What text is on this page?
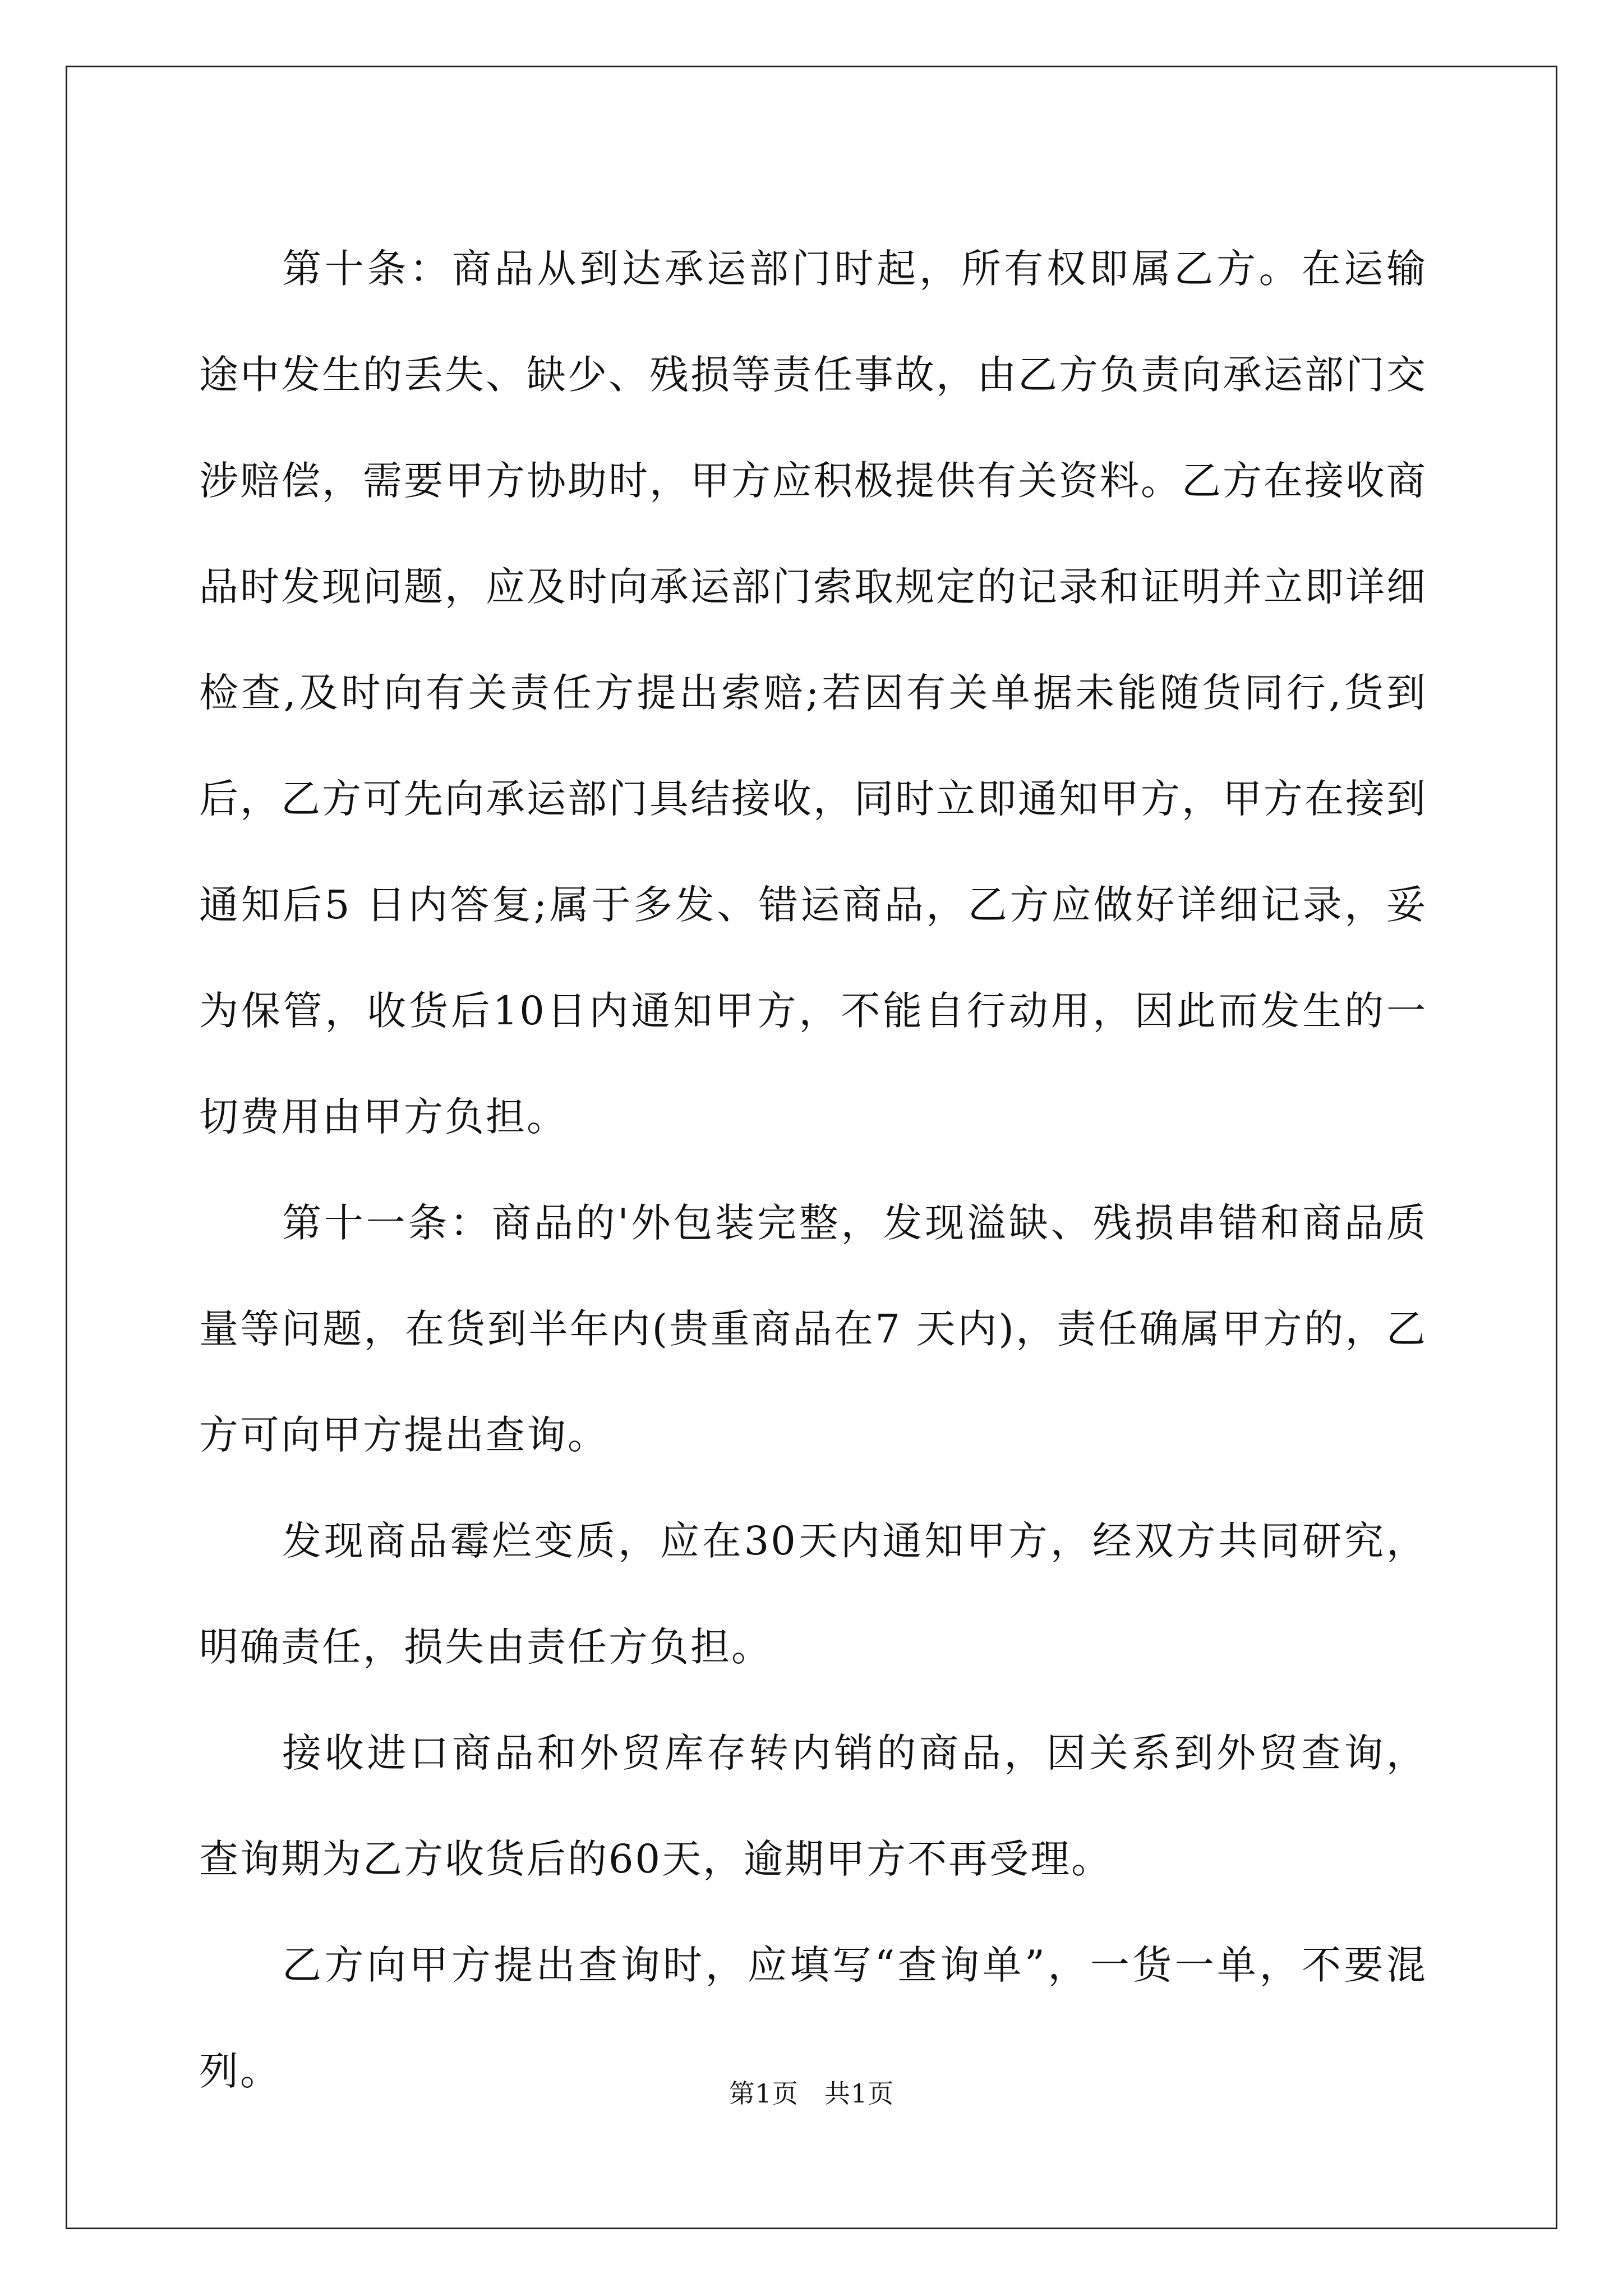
第十条：商品从到达承运部门时起，所有权即属乙方。在运输途中发生的丢失、缺少、残损等责任事故，由乙方负责向承运部门交涉赔偿，需要甲方协助时，甲方应积极提供有关资料。乙方在接收商品时发现问题，应及时向承运部门索取规定的记录和证明并立即详细检查,及时向有关责任方提出索赔;若因有关单据未能随货同行,货到后，乙方可先向承运部门具结接收，同时立即通知甲方，甲方在接到通知后5 日内答复;属于多发、错运商品，乙方应做好详细记录，妥为保管，收货后10日内通知甲方，不能自行动用，因此而发生的一切费用由甲方负担。

第十一条：商品的'外包装完整，发现溢缺、残损串错和商品质量等问题，在货到半年内(贵重商品在7 天内)，责任确属甲方的，乙方可向甲方提出查询。

发现商品霉烂变质，应在30天内通知甲方，经双方共同研究，明确责任，损失由责任方负担。

接收进口商品和外贸库存转内销的商品，因关系到外贸查询，查询期为乙方收货后的60天，逾期甲方不再受理。

乙方向甲方提出查询时，应填写“查询单”，一货一单，不要混列。	第1页 共1页
